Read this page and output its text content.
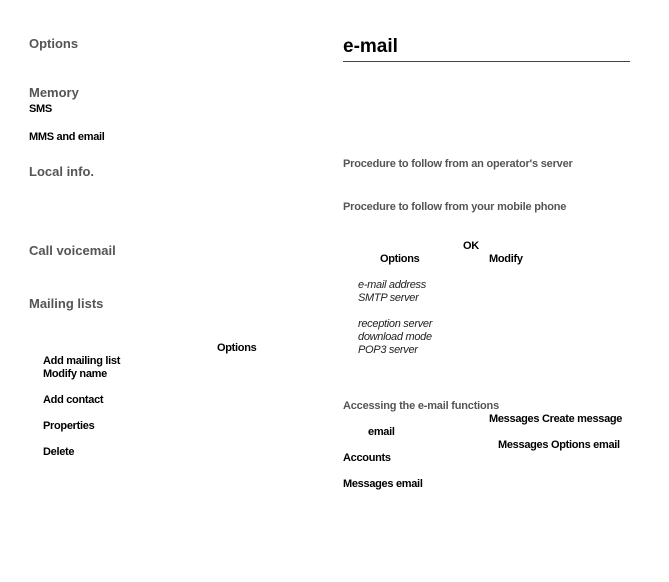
Options
Memory
SMS
MMS and email
Local info.
Call voicemail
Mailing lists
Options
Add mailing list
Modify name
Add contact
Properties
Delete
e-mail
Procedure to follow from an operator's server
Procedure to follow from your mobile phone
OK
Options	Modify
e-mail address
SMTP server
reception server
download mode
POP3 server
Accessing the e-mail functions
Messages Create message
email
Messages Options email
Accounts
Messages email
